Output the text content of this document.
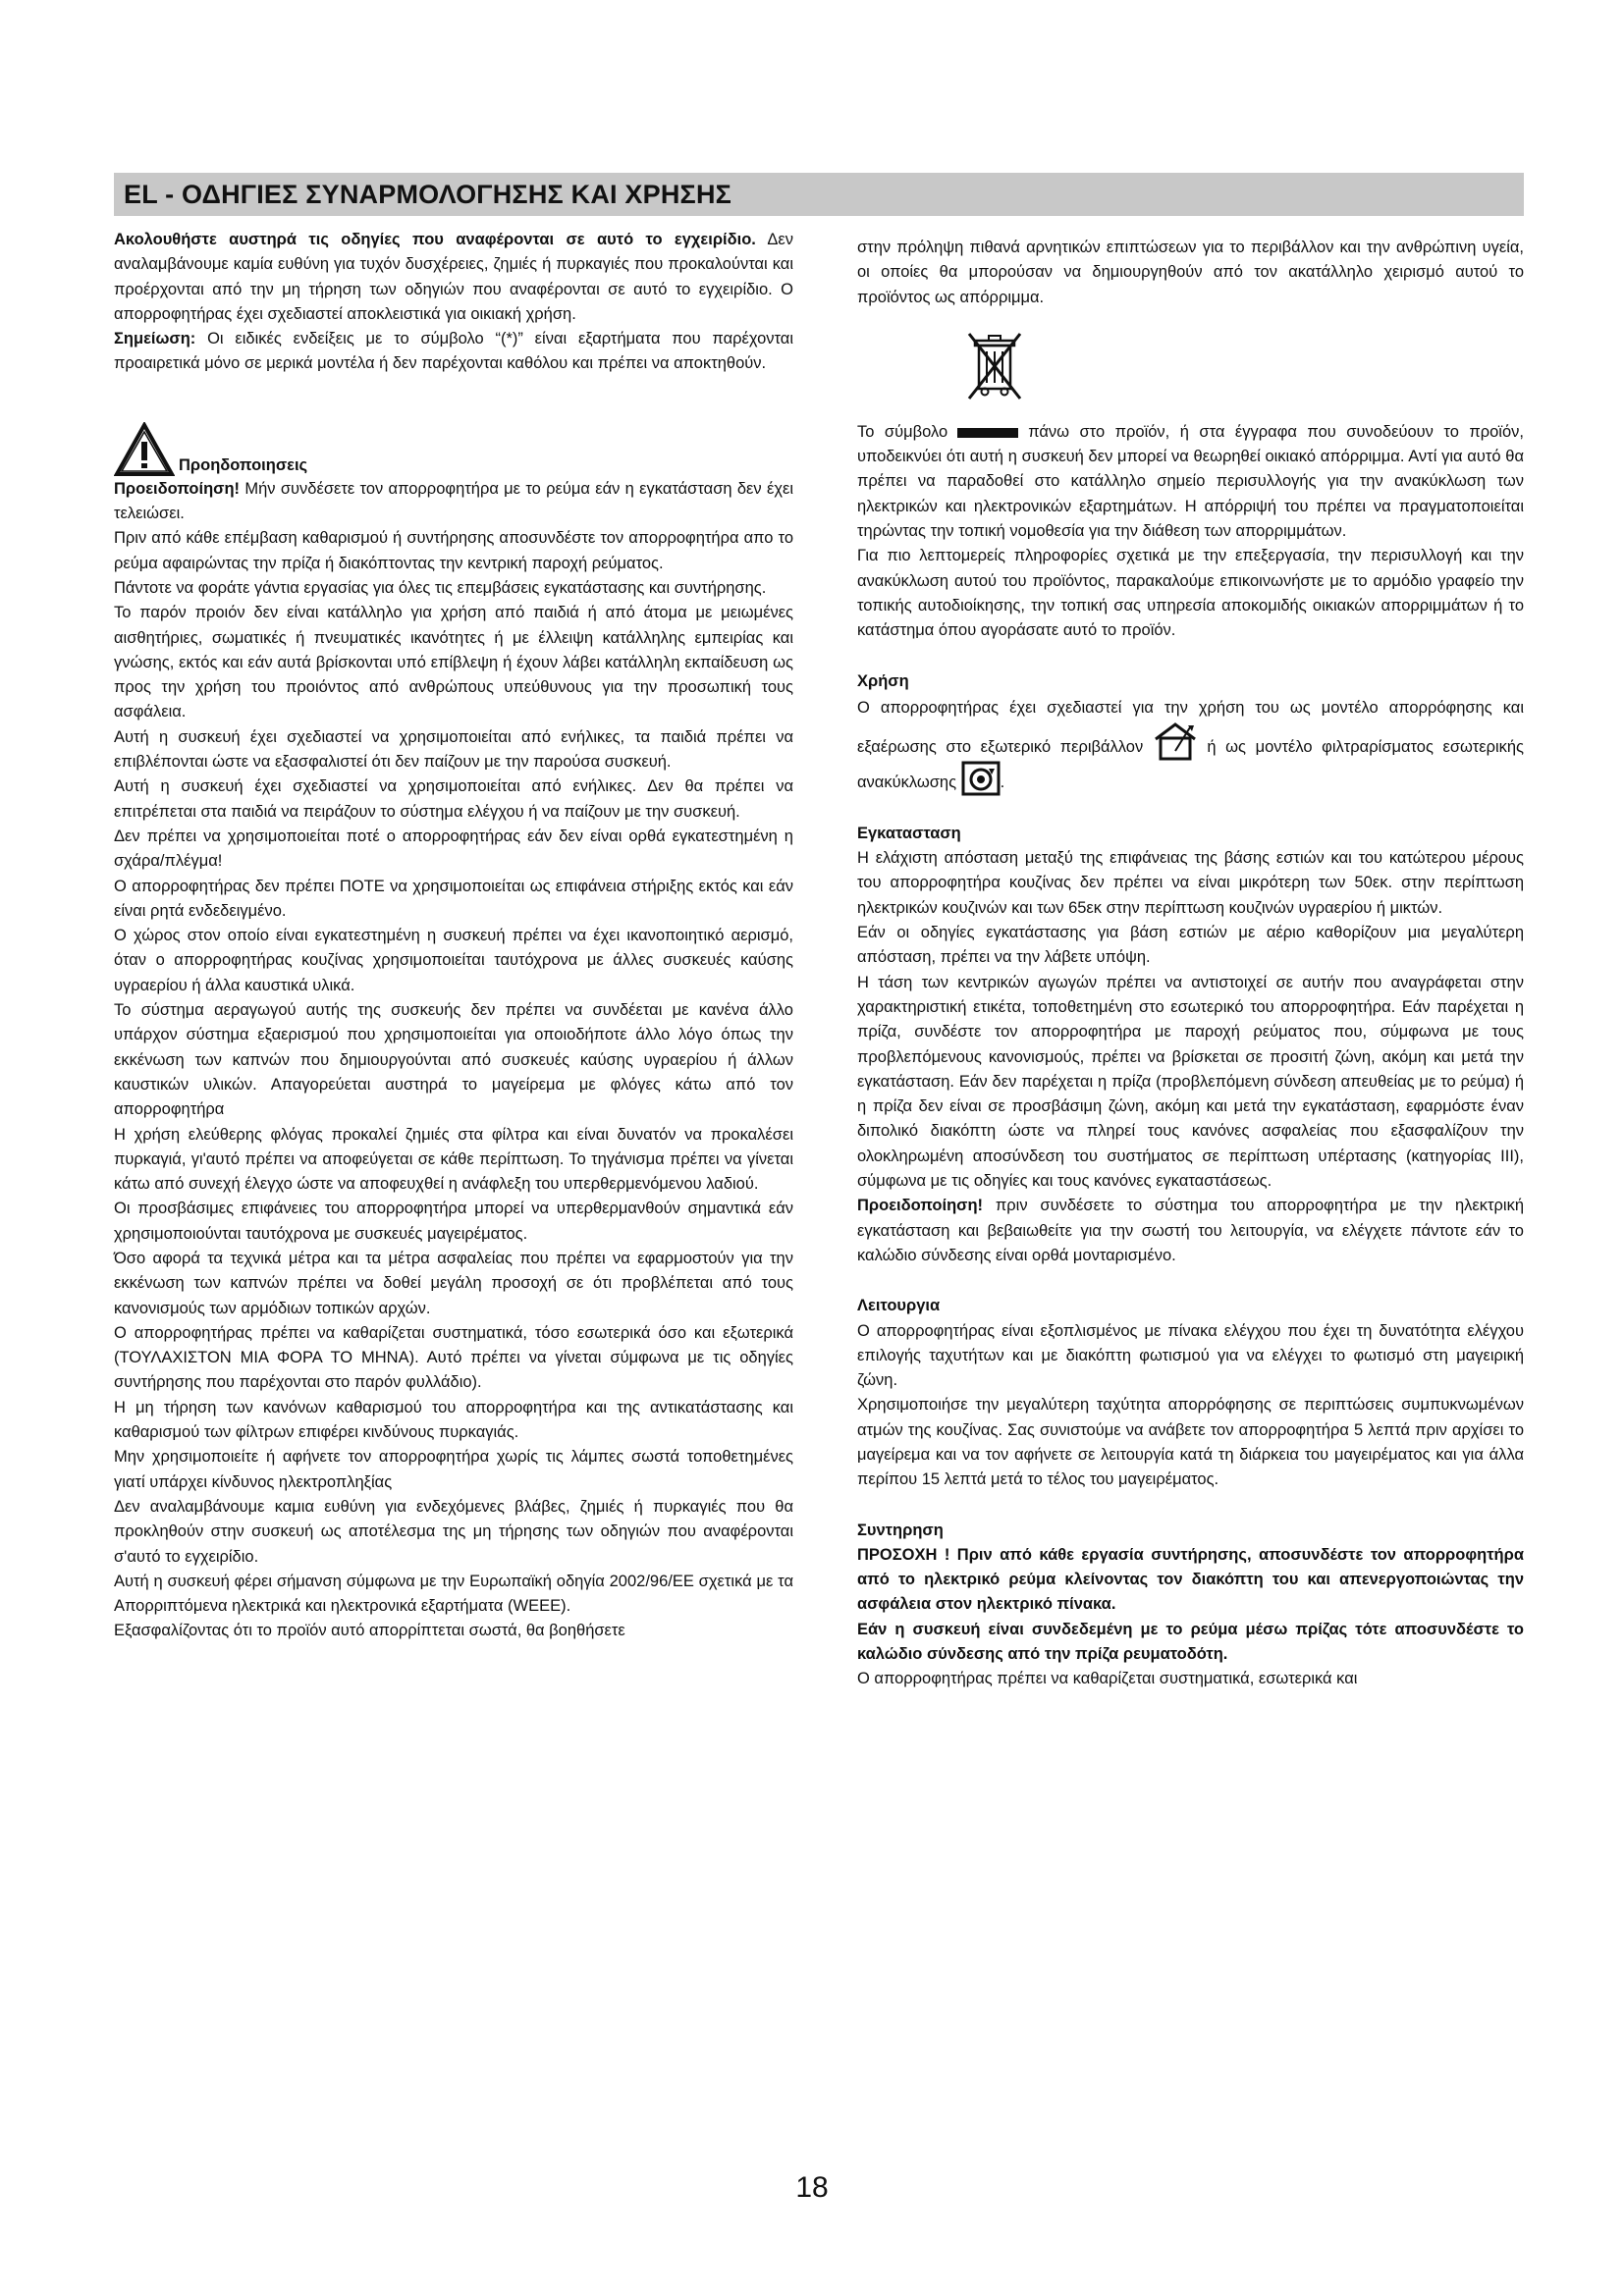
EL - ΟΔΗΓΙΕΣ ΣΥΝΑΡΜΟΛΟΓΗΣΗΣ ΚΑΙ ΧΡΗΣΗΣ

Ακολουθήστε αυστηρά τις οδηγίες που αναφέρονται σε αυτό το εγχειρίδιο. Δεν αναλαμβάνουμε καμία ευθύνη για τυχόν δυσχέρειες, ζημιές ή πυρκαγιές που προκαλούνται και προέρχονται από την μη τήρηση των οδηγιών που αναφέρονται σε αυτό το εγχειρίδιο. Ο απορροφητήρας έχει σχεδιαστεί αποκλειστικά για οικιακή χρήση.

Σημείωση: Οι ειδικές ενδείξεις με το σύμβολο “(*)” είναι εξαρτήματα που παρέχονται προαιρετικά μόνο σε μερικά μοντέλα ή δεν παρέχονται καθόλου και πρέπει να αποκτηθούν.

Προηδοποιησεις

Προειδοποίηση! Μήν συνδέσετε τον απορροφητήρα με το ρεύμα εάν η εγκατάσταση δεν έχει τελειώσει.

Πριν από κάθε επέμβαση καθαρισμού ή συντήρησης αποσυνδέστε τον απορροφητήρα απο το ρεύμα αφαιρώντας την πρίζα ή διακόπτοντας την κεντρική παροχή ρεύματος.

Πάντοτε να φοράτε γάντια εργασίας για όλες τις επεμβάσεις εγκατάστασης και συντήρησης.

Το παρόν προιόν δεν είναι κατάλληλο για χρήση από παιδιά ή από άτομα με μειωμένες αισθητήριες, σωματικές ή πνευματικές ικανότητες ή με έλλειψη κατάλληλης εμπειρίας και γνώσης, εκτός και εάν αυτά βρίσκονται υπό επίβλεψη ή έχουν λάβει κατάλληλη εκπαίδευση ως προς την χρήση του προιόντος από ανθρώπους υπεύθυνους για την προσωπική τους ασφάλεια.

Αυτή η συσκευή έχει σχεδιαστεί να χρησιμοποιείται από ενήλικες, τα παιδιά πρέπει να επιβλέπονται ώστε να εξασφαλιστεί ότι δεν παίζουν με την παρούσα συσκευή.

Αυτή η συσκευή έχει σχεδιαστεί να χρησιμοποιείται από ενήλικες. Δεν θα πρέπει να επιτρέπεται στα παιδιά να πειράζουν το σύστημα ελέγχου ή να παίζουν με την συσκευή.

Δεν πρέπει να χρησιμοποιείται ποτέ ο απορροφητήρας εάν δεν είναι ορθά εγκατεστημένη η σχάρα/πλέγμα!

Ο απορροφητήρας δεν πρέπει ΠΟΤΕ να χρησιμοποιείται ως επιφάνεια στήριξης εκτός και εάν είναι ρητά ενδεδειγμένο.

Ο χώρος στον οποίο είναι εγκατεστημένη η συσκευή πρέπει να έχει ικανοποιητικό αερισμό, όταν ο απορροφητήρας κουζίνας χρησιμοποιείται ταυτόχρονα με άλλες συσκευές καύσης υγραερίου ή άλλα καυστικά υλικά.

Το σύστημα αεραγωγού αυτής της συσκευής δεν πρέπει να συνδέεται με κανένα άλλο υπάρχον σύστημα εξαερισμού που χρησιμοποιείται για οποιοδήποτε άλλο λόγο όπως την εκκένωση των καπνών που δημιουργούνται από συσκευές καύσης υγραερίου ή άλλων καυστικών υλικών. Απαγορεύεται αυστηρά το μαγείρεμα με φλόγες κάτω από τον απορροφητήρα

Η χρήση ελεύθερης φλόγας προκαλεί ζημιές στα φίλτρα και είναι δυνατόν να προκαλέσει πυρκαγιά, γι'αυτό πρέπει να αποφεύγεται σε κάθε περίπτωση. Το τηγάνισμα πρέπει να γίνεται κάτω από συνεχή έλεγχο ώστε να αποφευχθεί η ανάφλεξη του υπερθερμενόμενου λαδιού.

Οι προσβάσιμες επιφάνειες του απορροφητήρα μπορεί να υπερθερμανθούν σημαντικά εάν χρησιμοποιούνται ταυτόχρονα με συσκευές μαγειρέματος.

Όσο αφορά τα τεχνικά μέτρα και τα μέτρα ασφαλείας που πρέπει να εφαρμοστούν για την εκκένωση των καπνών πρέπει να δοθεί μεγάλη προσοχή σε ότι προβλέπεται από τους κανονισμούς των αρμόδιων τοπικών αρχών.

Ο απορροφητήρας πρέπει να καθαρίζεται συστηματικά, τόσο εσωτερικά όσο και εξωτερικά (ΤΟΥΛΑΧΙΣΤΟΝ ΜΙΑ ΦΟΡΑ ΤΟ ΜΗΝΑ). Αυτό πρέπει να γίνεται σύμφωνα με τις οδηγίες συντήρησης που παρέχονται στο παρόν φυλλάδιο).

Η μη τήρηση των κανόνων καθαρισμού του απορροφητήρα και της αντικατάστασης και καθαρισμού των φίλτρων επιφέρει κινδύνους πυρκαγιάς.

Μην χρησιμοποιείτε ή αφήνετε τον απορροφητήρα χωρίς τις λάμπες σωστά τοποθετημένες γιατί υπάρχει κίνδυνος ηλεκτροπληξίας

Δεν αναλαμβάνουμε καμια ευθύνη για ενδεχόμενες βλάβες, ζημιές ή πυρκαγιές που θα προκληθούν στην συσκευή ως αποτέλεσμα της μη τήρησης των οδηγιών που αναφέρονται σ'αυτό το εγχειρίδιο.

Αυτή η συσκευή φέρει σήμανση σύμφωνα με την Ευρωπαϊκή οδηγία 2002/96/ΕΕ σχετικά με τα Απορριπτόμενα ηλεκτρικά και ηλεκτρονικά εξαρτήματα (WEEE).

Εξασφαλίζοντας ότι το προϊόν αυτό απορρίπτεται σωστά, θα βοηθήσετε

στην πρόληψη πιθανά αρνητικών επιπτώσεων για το περιβάλλον και την ανθρώπινη υγεία, οι οποίες θα μπορούσαν να δημιουργηθούν από τον ακατάλληλο χειρισμό αυτού το προϊόντος ως απόρριμμα.

Το σύμβολο	πάνω στο προϊόν, ή στα έγγραφα που συνοδεύουν το προϊόν, υποδεικνύει ότι αυτή η συσκευή δεν μπορεί να θεωρηθεί οικιακό απόρριμμα. Αντί για αυτό θα πρέπει να παραδοθεί στο κατάλληλο σημείο περισυλλογής για την ανακύκλωση των ηλεκτρικών και ηλεκτρονικών εξαρτημάτων. Η απόρριψή του πρέπει να πραγματοποιείται τηρώντας την τοπική νομοθεσία για την διάθεση των απορριμμάτων.

Για πιο λεπτομερείς πληροφορίες σχετικά με την επεξεργασία, την περισυλλογή και την ανακύκλωση αυτού του προϊόντος, παρακαλούμε επικοινωνήστε με το αρμόδιο γραφείο την τοπικής αυτοδιοίκησης, την τοπική σας υπηρεσία αποκομιδής οικιακών απορριμμάτων ή το κατάστημα όπου αγοράσατε αυτό το προϊόν.

Χρήση

Ο απορροφητήρας έχει σχεδιαστεί για την χρήση του ως μοντέλο απορρόφησης και εξαέρωσης στο εξωτερικό περιβάλλον	ή ως μοντέλο φιλτραρίσματος εσωτερικής ανακύκλωσης	.

Εγκατασταση

Η ελάχιστη απόσταση μεταξύ της επιφάνειας της βάσης εστιών και του κατώτερου μέρους του απορροφητήρα κουζίνας δεν πρέπει να είναι μικρότερη των 50εκ. στην περίπτωση ηλεκτρικών κουζινών και των 65εκ στην περίπτωση κουζινών υγραερίου ή μικτών.

Εάν οι οδηγίες εγκατάστασης για βάση εστιών με αέριο καθορίζουν μια μεγαλύτερη απόσταση, πρέπει να την λάβετε υπόψη.

Η τάση των κεντρικών αγωγών πρέπει να αντιστοιχεί σε αυτήν που αναγράφεται στην χαρακτηριστική ετικέτα, τοποθετημένη στο εσωτερικό του απορροφητήρα. Εάν παρέχεται η πρίζα, συνδέστε τον απορροφητήρα με παροχή ρεύματος που, σύμφωνα με τους προβλεπόμενους κανονισμούς, πρέπει να βρίσκεται σε προσιτή ζώνη, ακόμη και μετά την εγκατάσταση. Εάν δεν παρέχεται η πρίζα (προβλεπόμενη σύνδεση απευθείας με το ρεύμα) ή η πρίζα δεν είναι σε προσβάσιμη ζώνη, ακόμη και μετά την εγκατάσταση, εφαρμόστε έναν διπολικό διακόπτη ώστε να πληρεί τους κανόνες ασφαλείας που εξασφαλίζουν την ολοκληρωμένη αποσύνδεση του συστήματος σε περίπτωση υπέρτασης (κατηγορίας ΙΙΙ), σύμφωνα με τις οδηγίες και τους κανόνες εγκαταστάσεως.

Προειδοποίηση! πριν συνδέσετε το σύστημα του απορροφητήρα με την ηλεκτρική εγκατάσταση και βεβαιωθείτε για την σωστή του λειτουργία, να ελέγχετε πάντοτε εάν το καλώδιο σύνδεσης είναι ορθά μονταρισμένο.

Λειτουργια

Ο απορροφητήρας είναι εξοπλισμένος με πίνακα ελέγχου που έχει τη δυνατότητα ελέγχου επιλογής ταχυτήτων και με διακόπτη φωτισμού για να ελέγχει το φωτισμό στη μαγειρική ζώνη.

Χρησιμοποιήσε την μεγαλύτερη ταχύτητα απορρόφησης σε περιπτώσεις συμπυκνωμένων ατμών της κουζίνας. Σας συνιστούμε να ανάβετε τον απορροφητήρα 5 λεπτά πριν αρχίσει το μαγείρεμα και να τον αφήνετε σε λειτουργία κατά τη διάρκεια του μαγειρέματος και για άλλα περίπου 15 λεπτά μετά το τέλος του μαγειρέματος.

Συντηρηση

ΠΡΟΣΟΧΗ ! Πριν από κάθε εργασία συντήρησης, αποσυνδέστε τον απορροφητήρα από το ηλεκτρικό ρεύμα κλείνοντας τον διακόπτη του και απενεργοποιώντας την ασφάλεια στον ηλεκτρικό πίνακα.

Εάν η συσκευή είναι συνδεδεμένη με το ρεύμα μέσω πρίζας τότε αποσυνδέστε το καλώδιο σύνδεσης από την πρίζα ρευματοδότη.

Ο απορροφητήρας πρέπει να καθαρίζεται συστηματικά, εσωτερικά και

18
